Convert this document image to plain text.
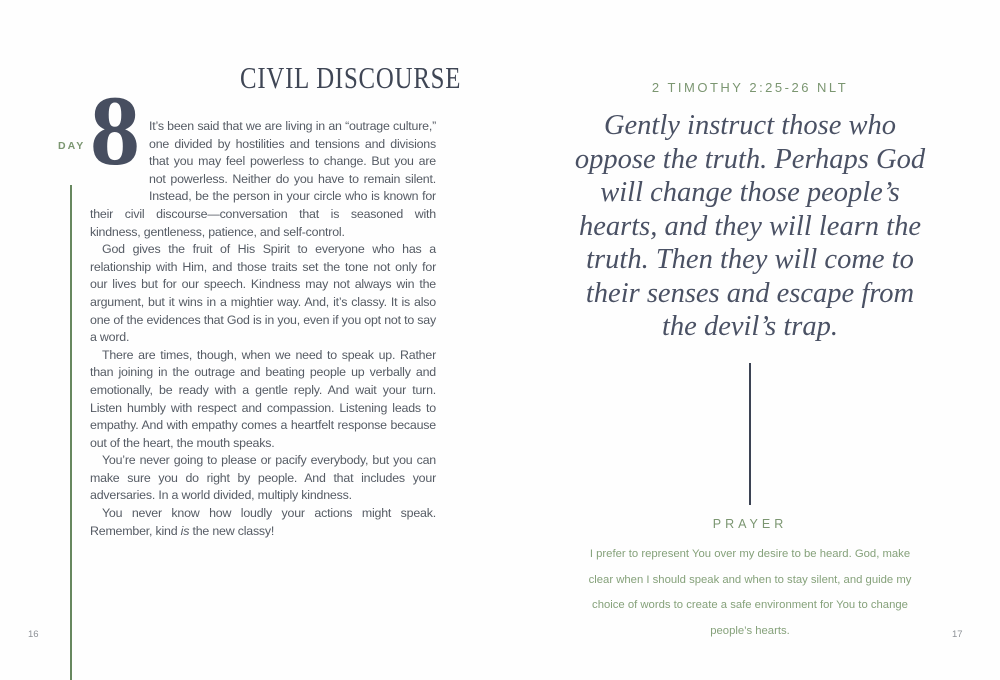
CIVIL DISCOURSE
DAY 8 It’s been said that we are living in an “outrage culture,” one divided by hostilities and tensions and divisions that you may feel powerless to change. But you are not powerless. Neither do you have to remain silent. Instead, be the person in your circle who is known for their civil discourse—conversation that is seasoned with kindness, gentleness, patience, and self-control.

God gives the fruit of His Spirit to everyone who has a relationship with Him, and those traits set the tone not only for our lives but for our speech. Kindness may not always win the argument, but it wins in a mightier way. And, it’s classy. It is also one of the evidences that God is in you, even if you opt not to say a word.

There are times, though, when we need to speak up. Rather than joining in the outrage and beating people up verbally and emotionally, be ready with a gentle reply. And wait your turn. Listen humbly with respect and compassion. Listening leads to empathy. And with empathy comes a heartfelt response because out of the heart, the mouth speaks.

You’re never going to please or pacify everybody, but you can make sure you do right by people. And that includes your adversaries. In a world divided, multiply kindness.

You never know how loudly your actions might speak. Remember, kind is the new classy!

16
2 TIMOTHY 2:25-26 NLT
Gently instruct those who oppose the truth. Perhaps God will change those people’s hearts, and they will learn the truth. Then they will come to their senses and escape from the devil’s trap.
PRAYER
I prefer to represent You over my desire to be heard. God, make clear when I should speak and when to stay silent, and guide my choice of words to create a safe environment for You to change people’s hearts.	17
